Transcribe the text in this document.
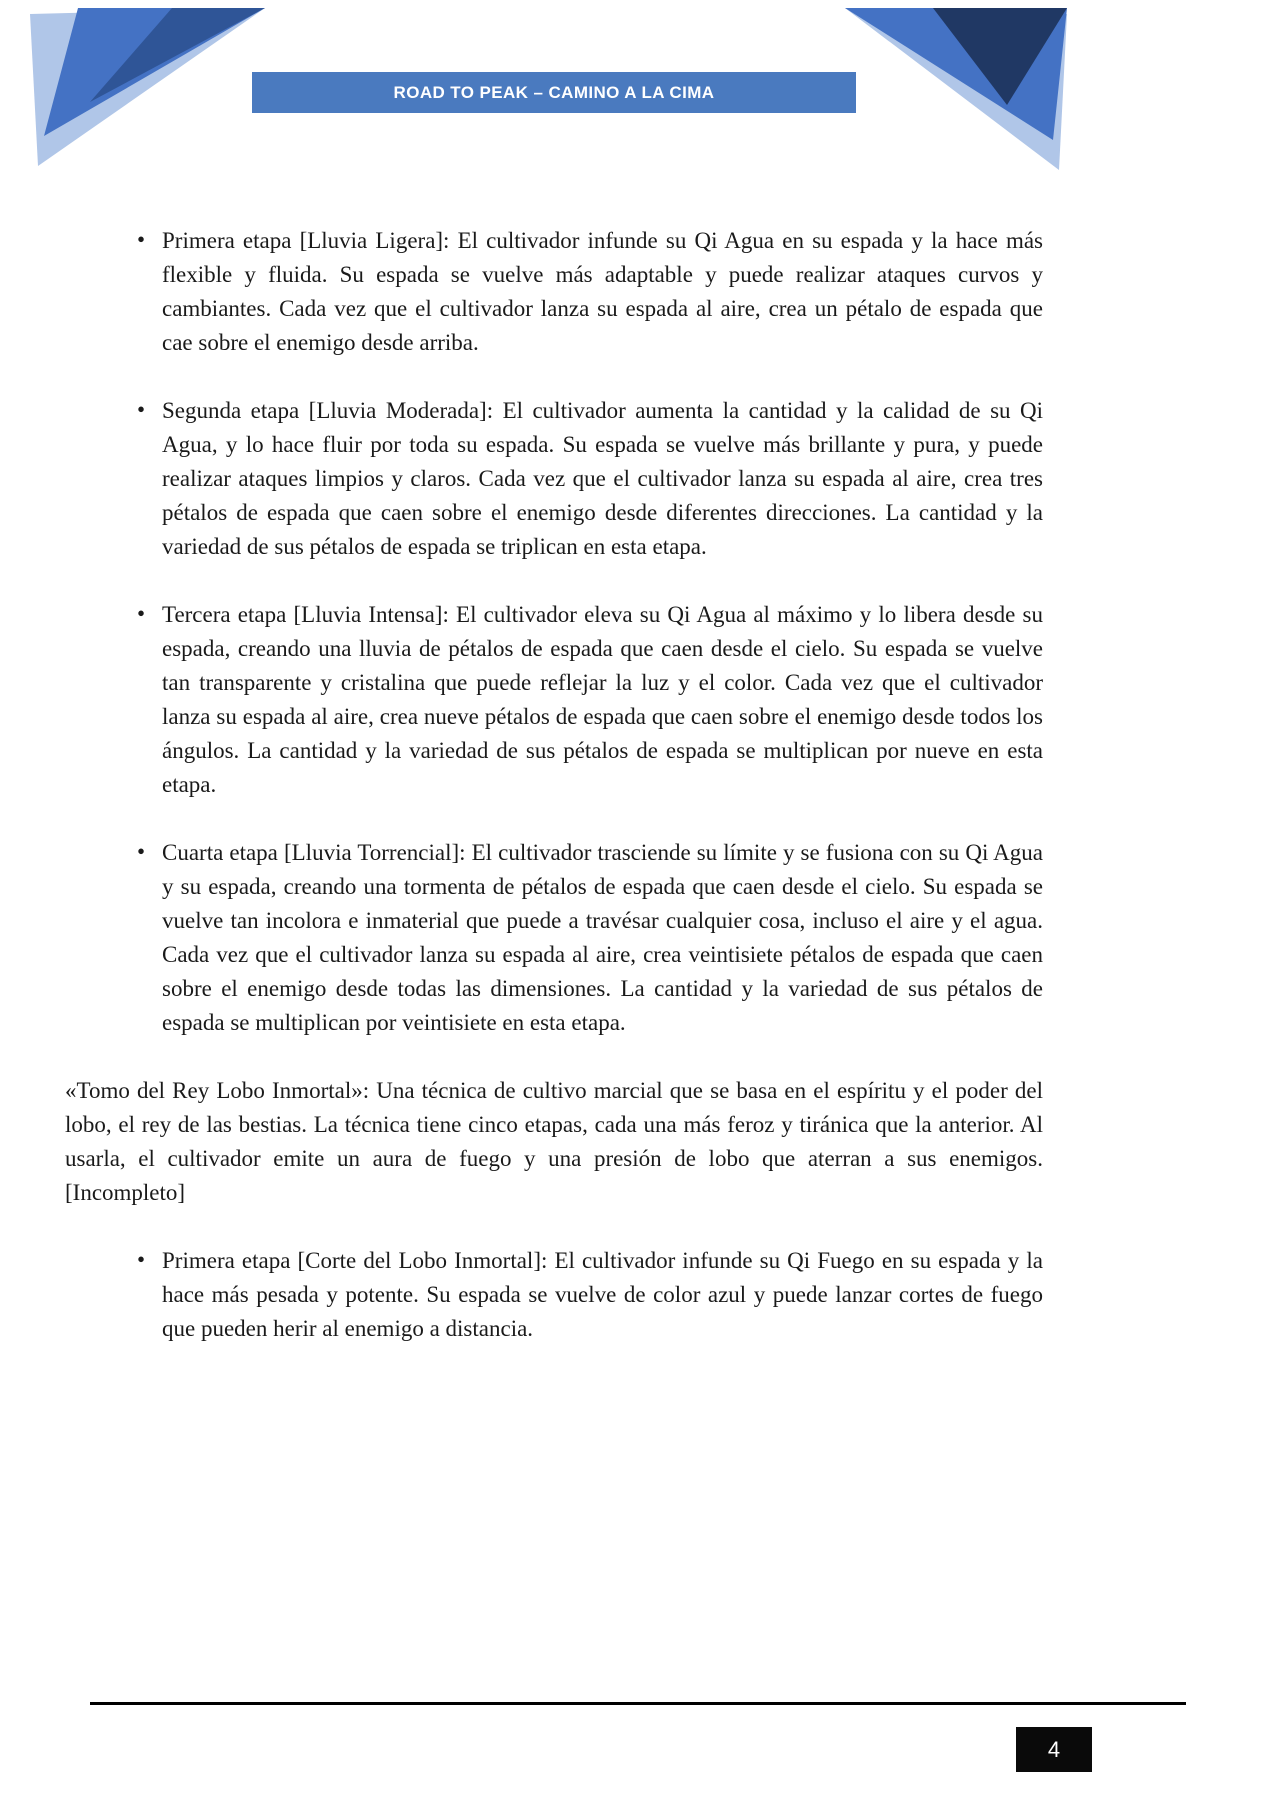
ROAD TO PEAK – CAMINO A LA CIMA
• Primera etapa [Lluvia Ligera]: El cultivador infunde su Qi Agua en su espada y la hace más flexible y fluida. Su espada se vuelve más adaptable y puede realizar ataques curvos y cambiantes. Cada vez que el cultivador lanza su espada al aire, crea un pétalo de espada que cae sobre el enemigo desde arriba.
• Segunda etapa [Lluvia Moderada]: El cultivador aumenta la cantidad y la calidad de su Qi Agua, y lo hace fluir por toda su espada. Su espada se vuelve más brillante y pura, y puede realizar ataques limpios y claros. Cada vez que el cultivador lanza su espada al aire, crea tres pétalos de espada que caen sobre el enemigo desde diferentes direcciones. La cantidad y la variedad de sus pétalos de espada se triplican en esta etapa.
• Tercera etapa [Lluvia Intensa]: El cultivador eleva su Qi Agua al máximo y lo libera desde su espada, creando una lluvia de pétalos de espada que caen desde el cielo. Su espada se vuelve tan transparente y cristalina que puede reflejar la luz y el color. Cada vez que el cultivador lanza su espada al aire, crea nueve pétalos de espada que caen sobre el enemigo desde todos los ángulos. La cantidad y la variedad de sus pétalos de espada se multiplican por nueve en esta etapa.
• Cuarta etapa [Lluvia Torrencial]: El cultivador trasciende su límite y se fusiona con su Qi Agua y su espada, creando una tormenta de pétalos de espada que caen desde el cielo. Su espada se vuelve tan incolora e inmaterial que puede a travésar cualquier cosa, incluso el aire y el agua. Cada vez que el cultivador lanza su espada al aire, crea veintisiete pétalos de espada que caen sobre el enemigo desde todas las dimensiones. La cantidad y la variedad de sus pétalos de espada se multiplican por veintisiete en esta etapa.

«Tomo del Rey Lobo Inmortal»: Una técnica de cultivo marcial que se basa en el espíritu y el poder del lobo, el rey de las bestias. La técnica tiene cinco etapas, cada una más feroz y tiránica que la anterior. Al usarla, el cultivador emite un aura de fuego y una presión de lobo que aterran a sus enemigos. [Incompleto]

• Primera etapa [Corte del Lobo Inmortal]: El cultivador infunde su Qi Fuego en su espada y la hace más pesada y potente. Su espada se vuelve de color azul y puede lanzar cortes de fuego que pueden herir al enemigo a distancia.
4
